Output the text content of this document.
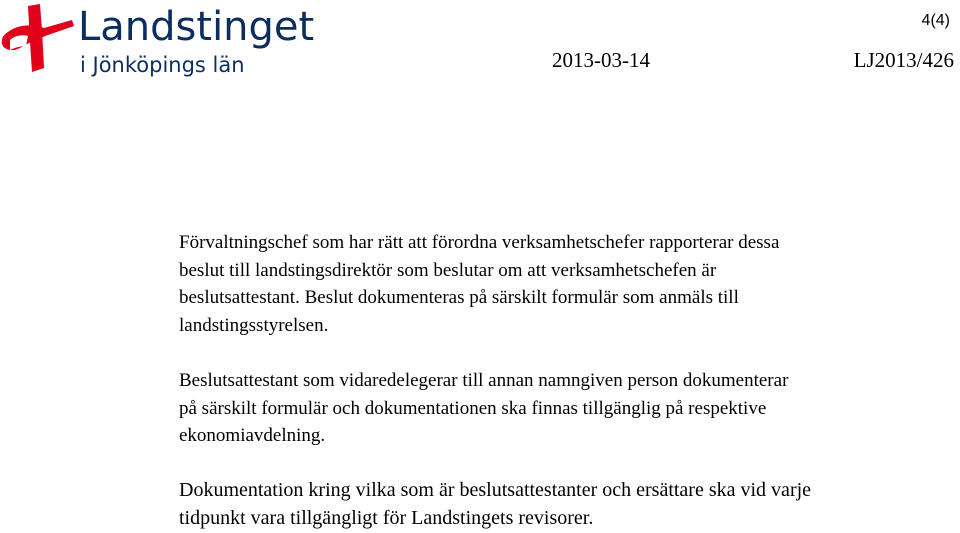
Landstinget
i Jönköpings län
4(4)
2013-03-14	LJ2013/426

Förvaltningschef som har rätt att förordna verksamhetschefer rapporterar dessa

beslut till landstingsdirektör som beslutar om att verksamhetschefen är

beslutsattestant. Beslut dokumenteras på särskilt formulär som anmäls till

landstingsstyrelsen.

Beslutsattestant som vidaredelegerar till annan namngiven person dokumenterar

på särskilt formulär och dokumentationen ska finnas tillgänglig på respektive

ekonomiavdelning.

Dokumentation kring vilka som är beslutsattestanter och ersättare ska vid varje

tidpunkt vara tillgängligt för Landstingets revisorer.
